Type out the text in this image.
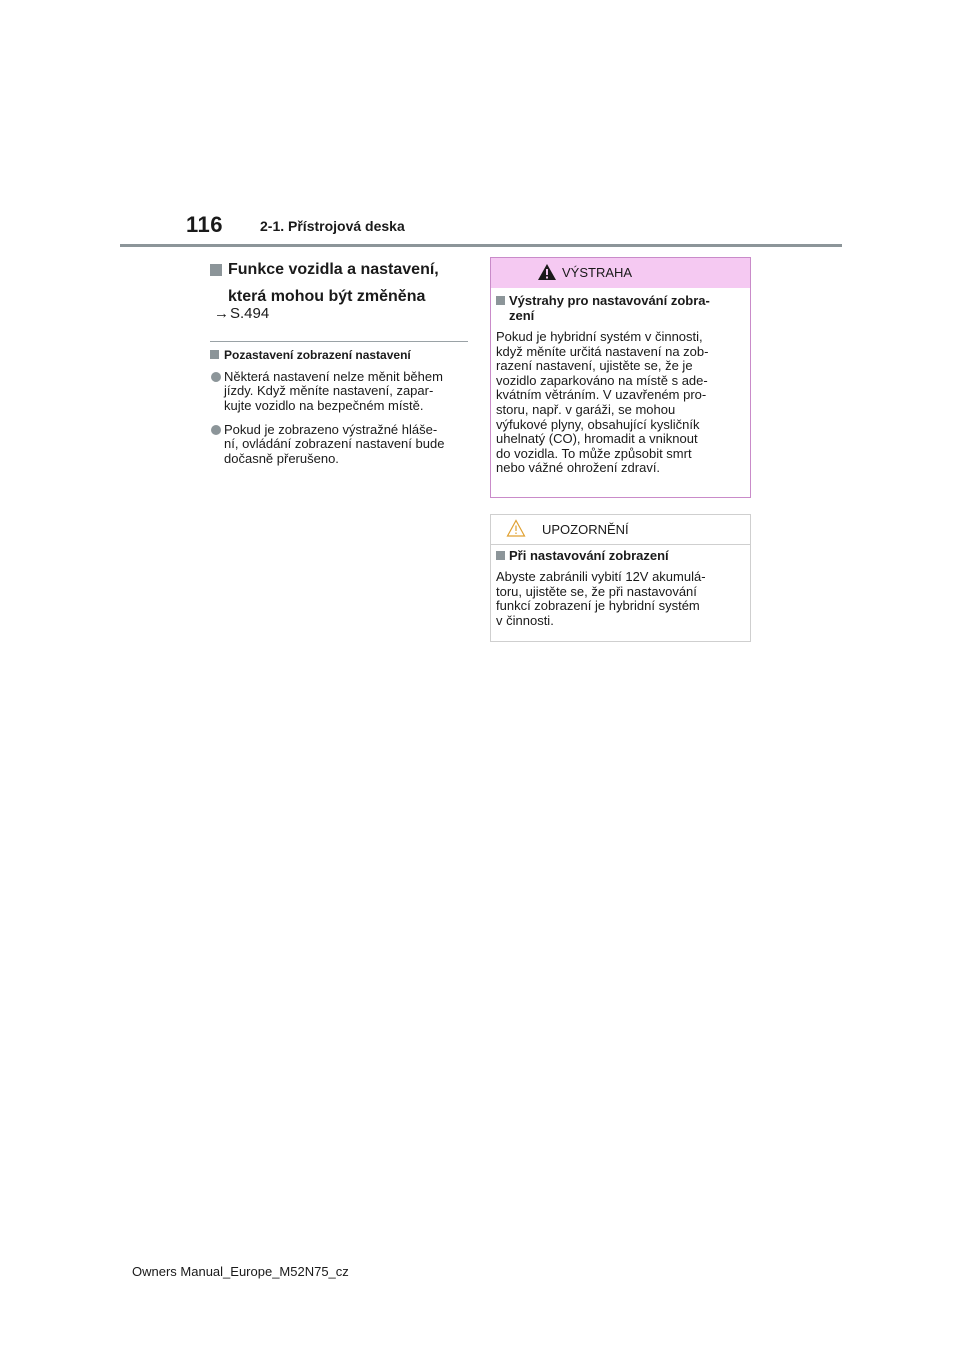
116	2-1. Přístrojová deska
Funkce vozidla a nastavení,
která mohou být změněna
→S.494
Pozastavení zobrazení nastavení
Některá nastavení nelze měnit během
jízdy. Když měníte nastavení, zapar-
kujte vozidlo na bezpečném místě.
Pokud je zobrazeno výstražné hláše-
ní, ovládání zobrazení nastavení bude
dočasně přerušeno.
VÝSTRAHA
Výstrahy pro nastavování zobra-
zení
Pokud je hybridní systém v činnosti,
když měníte určitá nastavení na zob-
razení nastavení, ujistěte se, že je
vozidlo zaparkováno na místě s ade-
kvátním větráním. V uzavřeném pro-
storu, např. v garáži, se mohou
výfukové plyny, obsahující kysličník
uhelnatý (CO), hromadit a vniknout
do vozidla. To může způsobit smrt
nebo vážné ohrožení zdraví.
UPOZORNĚNÍ
Při nastavování zobrazení
Abyste zabránili vybití 12V akumulá-
toru, ujistěte se, že při nastavování
funkcí zobrazení je hybridní systém
v činnosti.
Owners Manual_Europe_M52N75_cz
